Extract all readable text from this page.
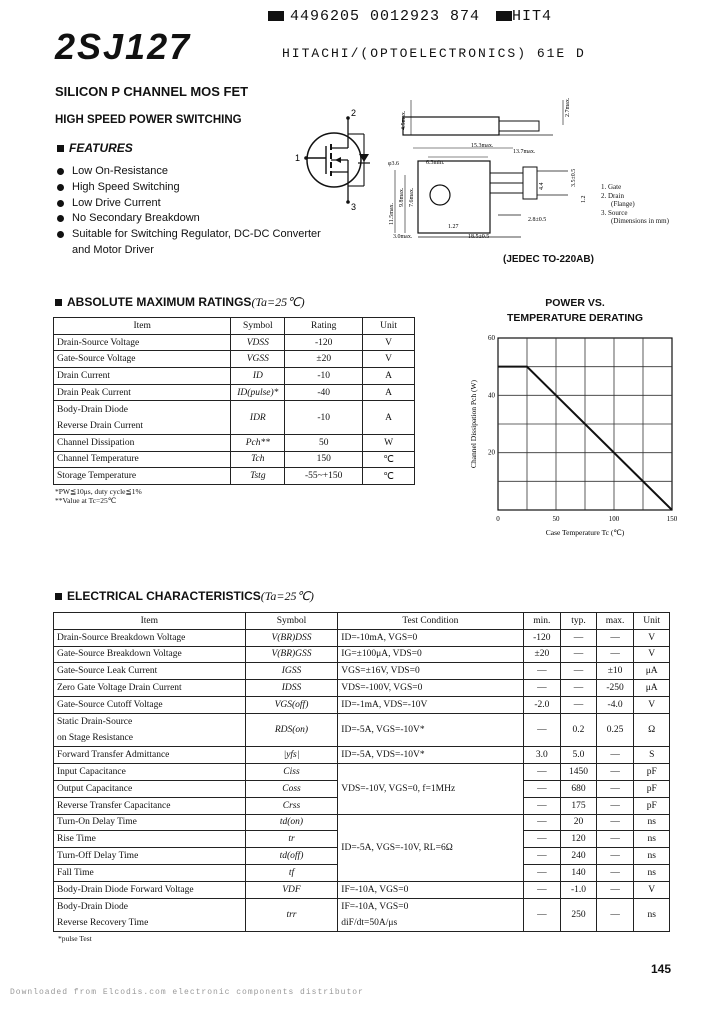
4496205 0012923 874 HIT4
2SJ127	HITACHI/(OPTOELECTRONICS) 61E D
SILICON P CHANNEL MOS FET
HIGH SPEED POWER SWITCHING
FEATURES
Low On-Resistance
High Speed Switching
Low Drive Current
No Secondary Breakdown
Suitable for Switching Regulator, DC-DC Converter
and Motor Driver
2
1
3
4.5max.
2.7max.
15.3max.
13.7max.
6.3min.
φ3.6
11.5max.
9.8max. 7.6max.
1.27
3.0max.	18.5±0.5
2.8±0.5
4.4	3.5±0.5
1.2
1. Gate
2. Drain
(Flange)
3. Source
(Dimensions in mm)
(JEDEC TO-220AB)
ABSOLUTE MAXIMUM RATINGS(Ta=25℃)
Item	Symbol	Rating	Unit
Drain-Source Voltage	VDSS	-120	V
Gate-Source Voltage	VGSS	±20	V
Drain Current	ID	-10	A
Drain Peak Current	ID(pulse)*	-40	A
Body-Drain Diode	IDR	-10	A
Reverse Drain Current			
Channel Dissipation	Pch**	50	W
Channel Temperature	Tch	150	℃
Storage Temperature	Tstg	-55~+150	℃
*PW≦10μs, duty cycle≦1%
**Value at Tc=25℃
POWER VS.
TEMPERATURE DERATING
0	50	100	150
20
40
60
Case Temperature Tc (℃)
Channel Dissipation Pch (W)
ELECTRICAL CHARACTERISTICS(Ta=25℃)
Item	Symbol	Test Condition	min.	typ.	max.	Unit
Drain-Source Breakdown Voltage	V(BR)DSS	ID=-10mA, VGS=0	-120	—	—	V
Gate-Source Breakdown Voltage	V(BR)GSS	IG=±100μA, VDS=0	±20	—	—	V
Gate-Source Leak Current	IGSS	VGS=±16V, VDS=0	—	—	±10	μA
Zero Gate Voltage Drain Current	IDSS	VDS=-100V, VGS=0	—	—	-250	μA
Gate-Source Cutoff Voltage	VGS(off)	ID=-1mA, VDS=-10V	-2.0	—	-4.0	V
Static Drain-Source	RDS(on)	ID=-5A, VGS=-10V*	—	0.2	0.25	Ω
on Stage Resistance						
Forward Transfer Admittance	|yfs|	ID=-5A, VDS=-10V*	3.0	5.0	—	S
Input Capacitance	Ciss	VDS=-10V, VGS=0, f=1MHz	—	1450	—	pF
Output Capacitance	Coss		—	680	—	pF
Reverse Transfer Capacitance	Crss		—	175	—	pF
Turn-On Delay Time	td(on)	ID=-5A, VGS=-10V, RL=6Ω	—	20	—	ns
Rise Time	tr		—	120	—	ns
Turn-Off Delay Time	td(off)		—	240	—	ns
Fall Time	tf		—	140	—	ns
Body-Drain Diode Forward Voltage	VDF	IF=-10A, VGS=0	—	-1.0	—	V
Body-Drain Diode	trr	IF=-10A, VGS=0	—	250	—	ns
Reverse Recovery Time		diF/dt=50A/μs				
*pulse Test
145
Downloaded from Elcodis.com electronic components distributor
